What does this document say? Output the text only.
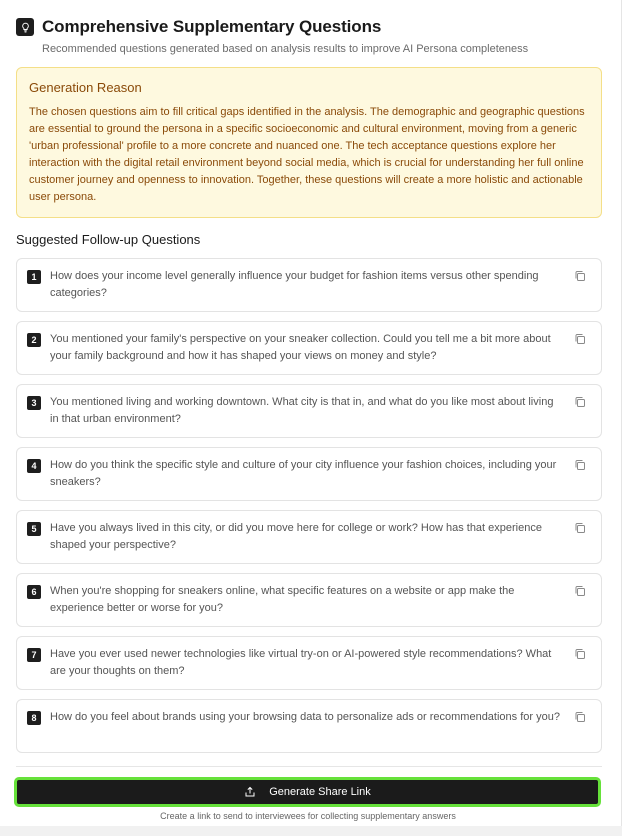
Comprehensive Supplementary Questions
Recommended questions generated based on analysis results to improve AI Persona completeness
Generation Reason
The chosen questions aim to fill critical gaps identified in the analysis. The demographic and geographic questions are essential to ground the persona in a specific socioeconomic and cultural environment, moving from a generic 'urban professional' profile to a more concrete and nuanced one. The tech acceptance questions explore her interaction with the digital retail environment beyond social media, which is crucial for understanding her full online customer journey and openness to innovation. Together, these questions will create a more holistic and actionable user persona.
Suggested Follow-up Questions
1	How does your income level generally influence your budget for fashion items versus other spending categories?
2	You mentioned your family's perspective on your sneaker collection. Could you tell me a bit more about your family background and how it has shaped your views on money and style?
3	You mentioned living and working downtown. What city is that in, and what do you like most about living in that urban environment?
4	How do you think the specific style and culture of your city influence your fashion choices, including your sneakers?
5	Have you always lived in this city, or did you move here for college or work? How has that experience shaped your perspective?
6	When you're shopping for sneakers online, what specific features on a website or app make the experience better or worse for you?
7	Have you ever used newer technologies like virtual try-on or AI-powered style recommendations? What are your thoughts on them?
8	How do you feel about brands using your browsing data to personalize ads or recommendations for you?
Generate Share Link
Create a link to send to interviewees for collecting supplementary answers
